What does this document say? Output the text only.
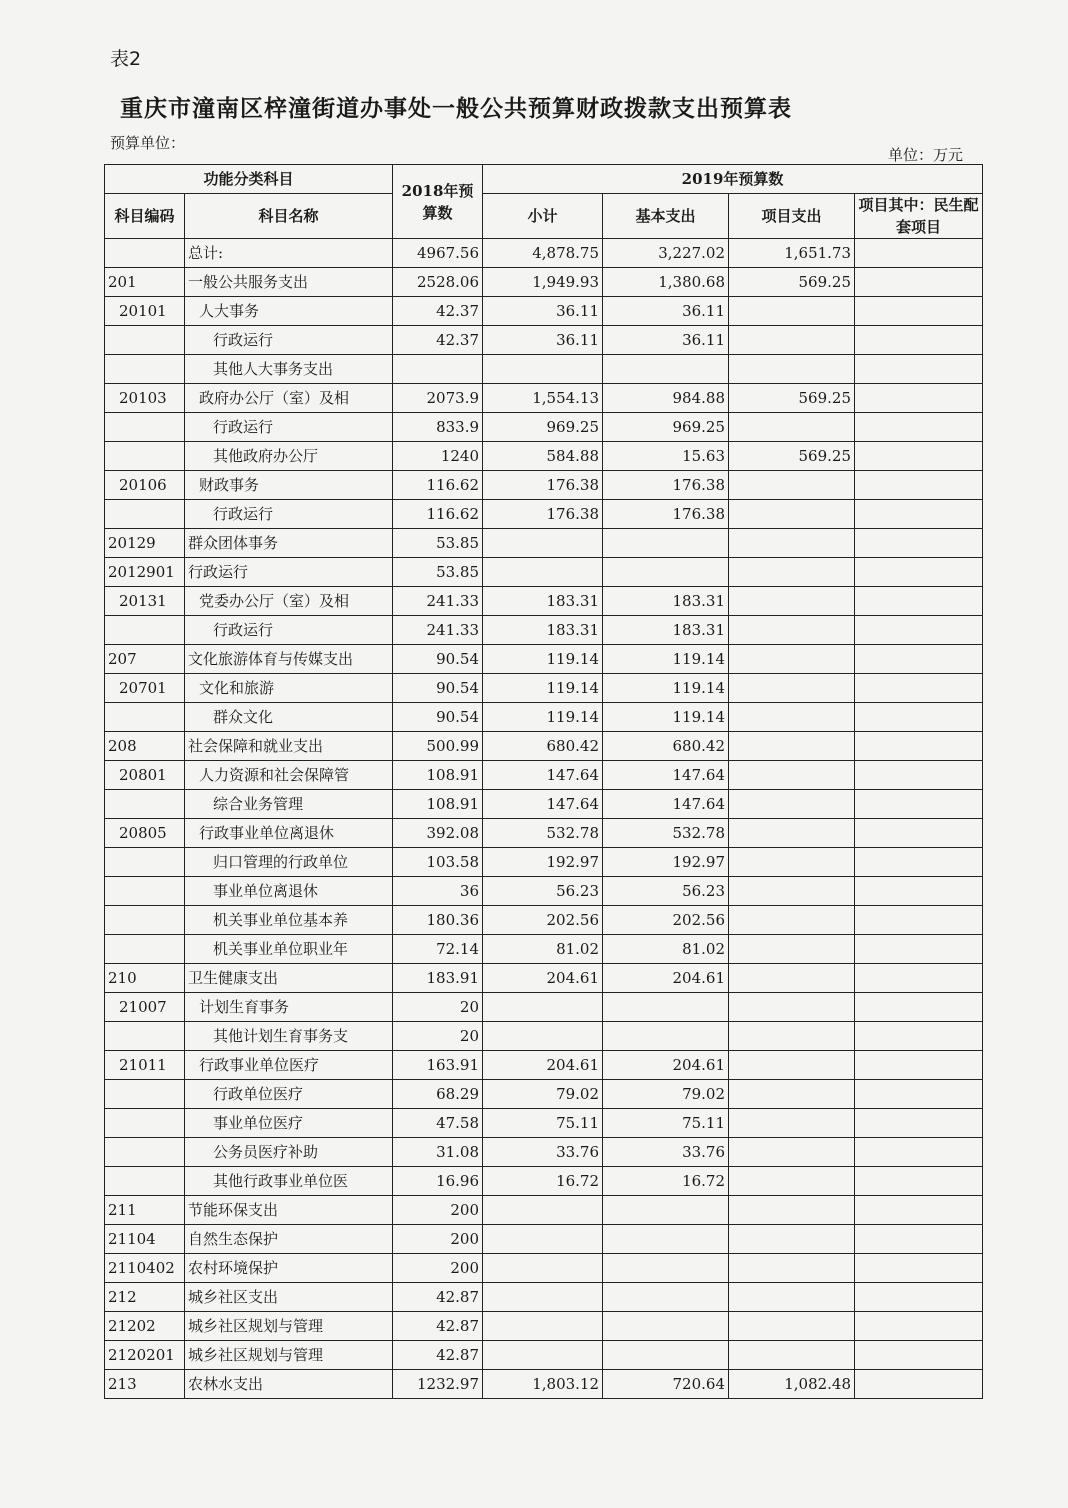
表2
重庆市潼南区梓潼街道办事处一般公共预算财政拨款支出预算表
预算单位：
单位：万元
功能分类科目		2018年预算数	2019年预算数			
科目编码	科目名称		小计	基本支出	项目支出	项目其中：民生配套项目
	总计:	4967.56	4,878.75	3,227.02	1,651.73	
201	一般公共服务支出	2528.06	1,949.93	1,380.68	569.25	
20101	人大事务	42.37	36.11	36.11		
	行政运行	42.37	36.11	36.11		
	其他人大事务支出					
20103	政府办公厅（室）及相	2073.9	1,554.13	984.88	569.25	
	行政运行	833.9	969.25	969.25		
	其他政府办公厅	1240	584.88	15.63	569.25	
20106	财政事务	116.62	176.38	176.38		
	行政运行	116.62	176.38	176.38		
20129	群众团体事务	53.85				
2012901	行政运行	53.85				
20131	党委办公厅（室）及相	241.33	183.31	183.31		
	行政运行	241.33	183.31	183.31		
207	文化旅游体育与传媒支出	90.54	119.14	119.14		
20701	文化和旅游	90.54	119.14	119.14		
	群众文化	90.54	119.14	119.14		
208	社会保障和就业支出	500.99	680.42	680.42		
20801	人力资源和社会保障管	108.91	147.64	147.64		
	综合业务管理	108.91	147.64	147.64		
20805	行政事业单位离退休	392.08	532.78	532.78		
	归口管理的行政单位	103.58	192.97	192.97		
	事业单位离退休	36	56.23	56.23		
	机关事业单位基本养	180.36	202.56	202.56		
	机关事业单位职业年	72.14	81.02	81.02		
210	卫生健康支出	183.91	204.61	204.61		
21007	计划生育事务	20				
	其他计划生育事务支	20				
21011	行政事业单位医疗	163.91	204.61	204.61		
	行政单位医疗	68.29	79.02	79.02		
	事业单位医疗	47.58	75.11	75.11		
	公务员医疗补助	31.08	33.76	33.76		
	其他行政事业单位医	16.96	16.72	16.72		
211	节能环保支出	200				
21104	自然生态保护	200				
2110402	农村环境保护	200				
212	城乡社区支出	42.87				
21202	城乡社区规划与管理	42.87				
2120201	城乡社区规划与管理	42.87				
213	农林水支出	1232.97	1,803.12	720.64	1,082.48	
